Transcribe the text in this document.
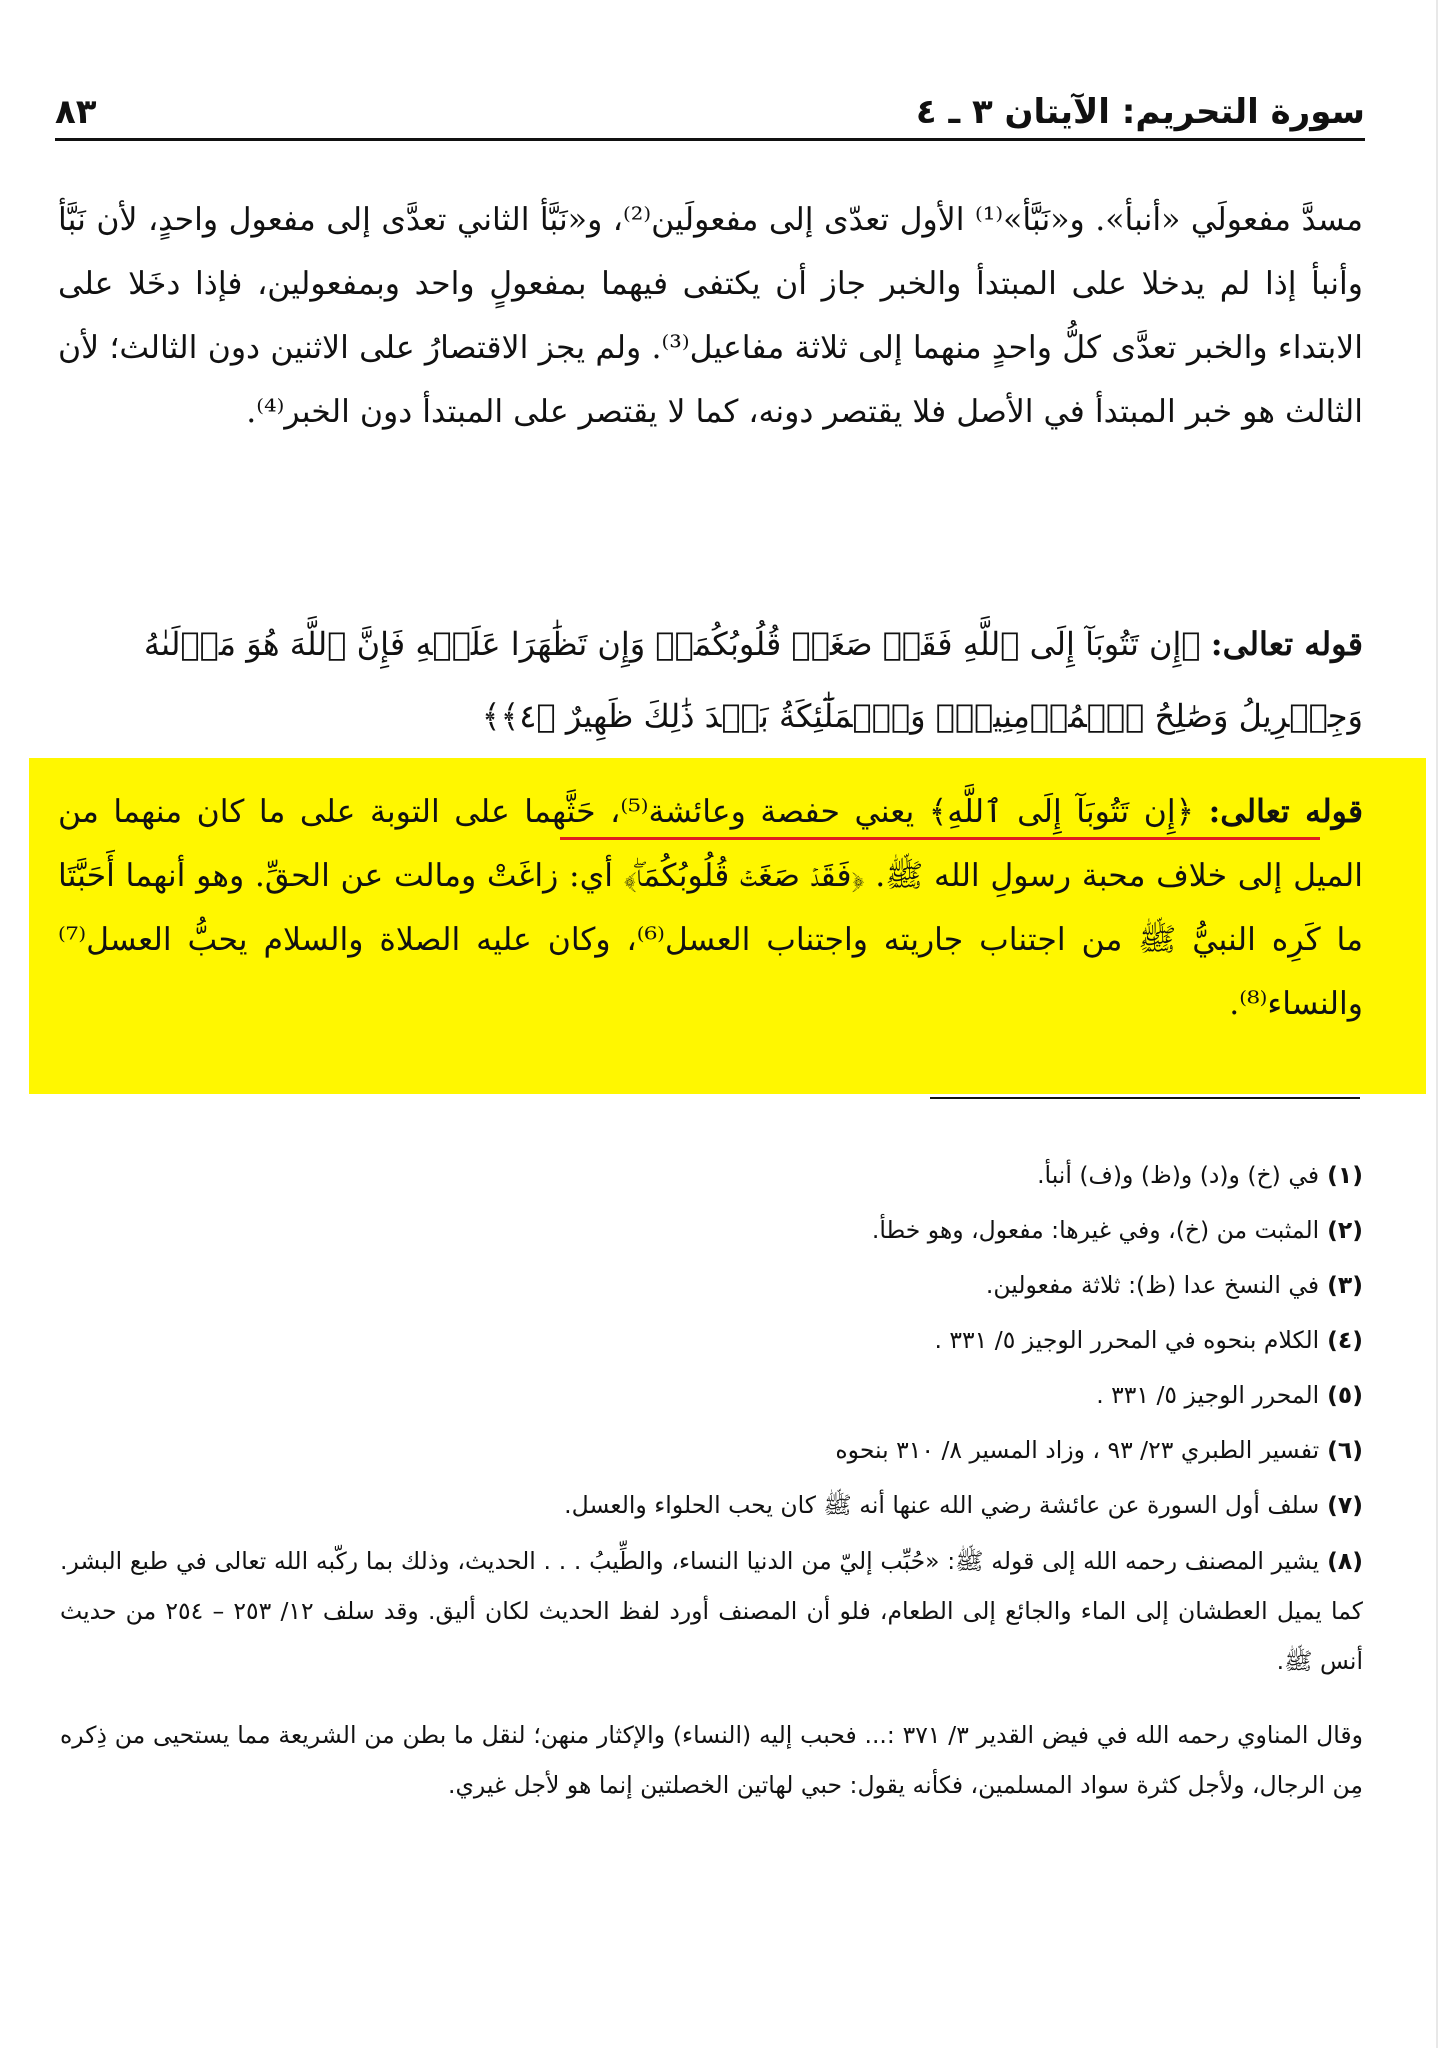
سورة التحريم: الآيتان ٣ ـ ٤
٨٣

مسدَّ مفعولَي «أنبأ». و«نَبَّأ»⁽¹⁾ الأول تعدّى إلى مفعولَين⁽²⁾، و«نَبَّأ الثاني تعدَّى إلى مفعول واحدٍ، لأن نَبَّأ وأنبأ إذا لم يدخلا على المبتدأ والخبر جاز أن يكتفى فيهما بمفعولٍ واحد وبمفعولين، فإذا دخَلا على الابتداء والخبر تعدَّى كلُّ واحدٍ منهما إلى ثلاثة مفاعيل⁽³⁾. ولم يجز الاقتصارُ على الاثنين دون الثالث؛ لأن الثالث هو خبر المبتدأ في الأصل فلا يقتصر دونه، كما لا يقتصر على المبتدأ دون الخبر⁽⁴⁾.

قوله تعالى: ﴿إِن تَتُوبَآ إِلَى ٱللَّهِ فَقَدۡ صَغَتۡ قُلُوبُكُمَاۖ وَإِن تَظَٰهَرَا عَلَيۡهِ فَإِنَّ ٱللَّهَ هُوَ مَوۡلَىٰهُ وَجِبۡرِيلُ وَصَٰلِحُ ٱلۡمُؤۡمِنِينَۖ وَٱلۡمَلَٰٓئِكَةُ بَعۡدَ ذَٰلِكَ ظَهِيرٌ ﴿٤﴾﴾
قوله تعالى: ﴿إِن تَتُوبَآ إِلَى ٱللَّهِ﴾ يعني حفصة وعائشة⁽⁵⁾، حَثَّهما على التوبة على ما كان منهما من الميل إلى خلاف محبة رسولِ الله ﷺ. ﴿فَقَدۡ صَغَتۡ قُلُوبُكُمَاۖ﴾ أي: زاغَتْ ومالت عن الحقِّ. وهو أنهما أَحَبَّتَا ما كَرِه النبيُّ ﷺ من اجتناب جاريته واجتناب العسل⁽⁶⁾، وكان عليه الصلاة والسلام يحبُّ العسل⁽⁷⁾ والنساء⁽⁸⁾.

(١)في (خ) و(د) و(ظ) و(ف) أنبأ.

(٢)المثبت من (خ)، وفي غيرها: مفعول، وهو خطأ.

(٣)في النسخ عدا (ظ): ثلاثة مفعولين.

(٤)الكلام بنحوه في المحرر الوجيز ٥/ ٣٣١ .

(٥)المحرر الوجيز ٥/ ٣٣١ .

(٦)تفسير الطبري ٢٣/ ٩٣ ، وزاد المسير ٨/ ٣١٠ بنحوه

(٧)سلف أول السورة عن عائشة رضي الله عنها أنه ﷺ كان يحب الحلواء والعسل.

(٨)يشير المصنف رحمه الله إلى قوله ﷺ: «حُبِّب إليّ من الدنيا النساء، والطِّيبُ . . . الحديث، وذلك بما ركّبه الله تعالى في طبع البشر. كما يميل العطشان إلى الماء والجائع إلى الطعام، فلو أن المصنف أورد لفظ الحديث لكان أليق. وقد سلف ١٢/ ٢٥٣ – ٢٥٤ من حديث أنس ﷺ.

وقال المناوي رحمه الله في فيض القدير ٣/ ٣٧١ :... فحبب إليه (النساء) والإكثار منهن؛ لنقل ما بطن من الشريعة مما يستحيى من ذِكره مِن الرجال، ولأجل كثرة سواد المسلمين، فكأنه يقول: حبي لهاتين الخصلتين إنما هو لأجل غيري.
